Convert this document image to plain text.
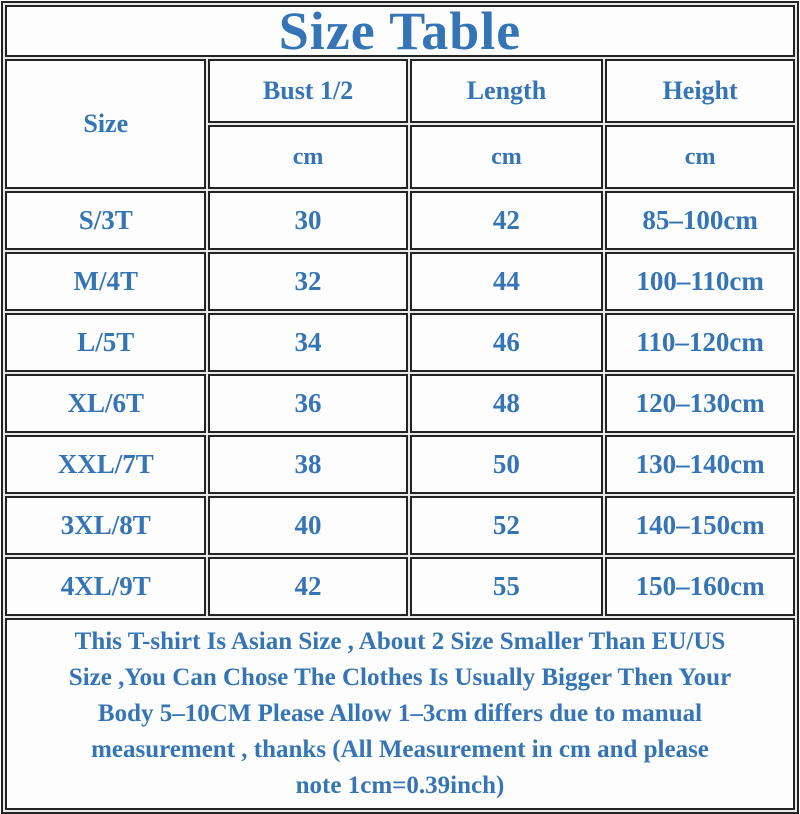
Size Table			
Size	Bust 1/2	Length	Height
	cm	cm	cm
S/3T	30	42	85–100cm
M/4T	32	44	100–110cm
L/5T	34	46	110–120cm
XL/6T	36	48	120–130cm
XXL/7T	38	50	130–140cm
3XL/8T	40	52	140–150cm
4XL/9T	42	55	150–160cm

This T-shirt Is Asian Size , About 2 Size Smaller Than EU/US
Size ,You Can Chose The Clothes Is Usually Bigger Then Your
Body 5–10CM Please Allow 1–3cm differs due to manual
measurement , thanks (All Measurement in cm and please
note 1cm=0.39inch)			
